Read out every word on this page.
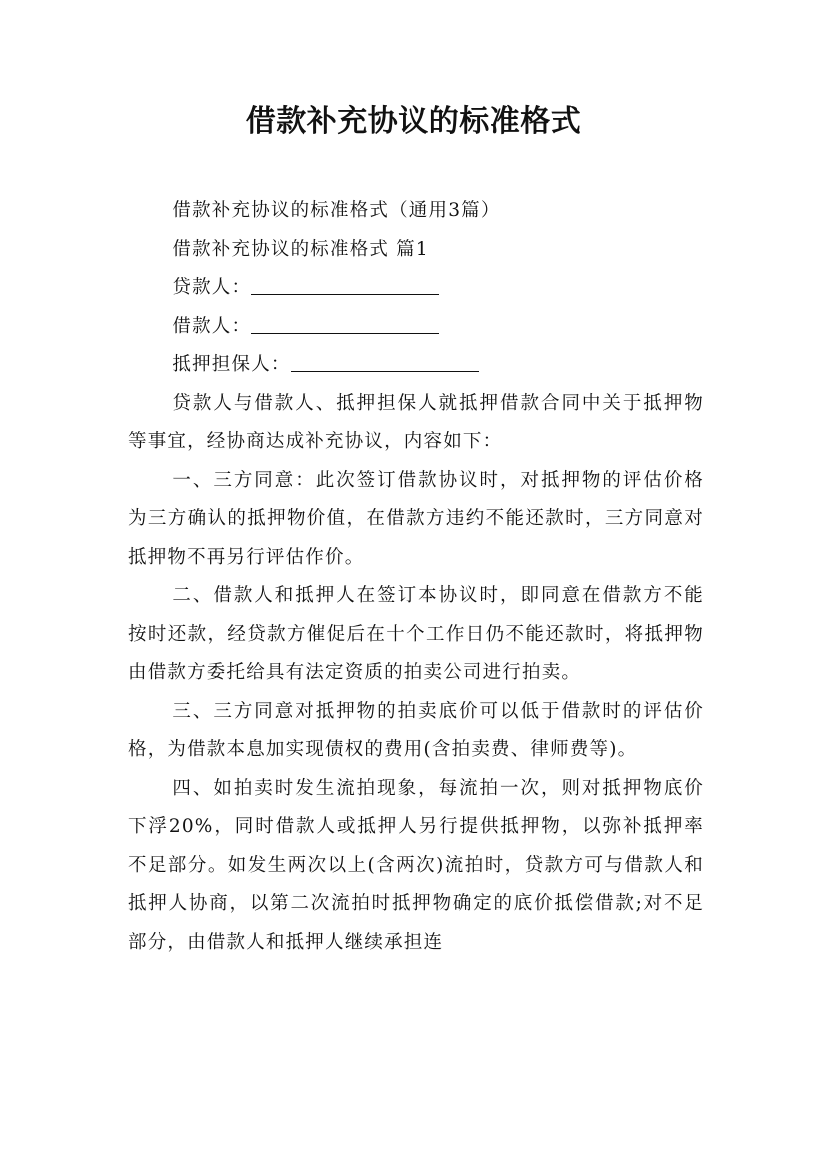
借款补充协议的标准格式

借款补充协议的标准格式（通用3篇）

借款补充协议的标准格式 篇1

贷款人：

借款人：

抵押担保人：

贷款人与借款人、抵押担保人就抵押借款合同中关于抵押物等事宜，经协商达成补充协议，内容如下：

一、三方同意：此次签订借款协议时，对抵押物的评估价格为三方确认的抵押物价值，在借款方违约不能还款时，三方同意对抵押物不再另行评估作价。

二、借款人和抵押人在签订本协议时，即同意在借款方不能按时还款，经贷款方催促后在十个工作日仍不能还款时，将抵押物由借款方委托给具有法定资质的拍卖公司进行拍卖。

三、三方同意对抵押物的拍卖底价可以低于借款时的评估价格，为借款本息加实现债权的费用(含拍卖费、律师费等)。

四、如拍卖时发生流拍现象，每流拍一次，则对抵押物底价下浮20%，同时借款人或抵押人另行提供抵押物，以弥补抵押率不足部分。如发生两次以上(含两次)流拍时，贷款方可与借款人和抵押人协商，以第二次流拍时抵押物确定的底价抵偿借款;对不足部分，由借款人和抵押人继续承担连
